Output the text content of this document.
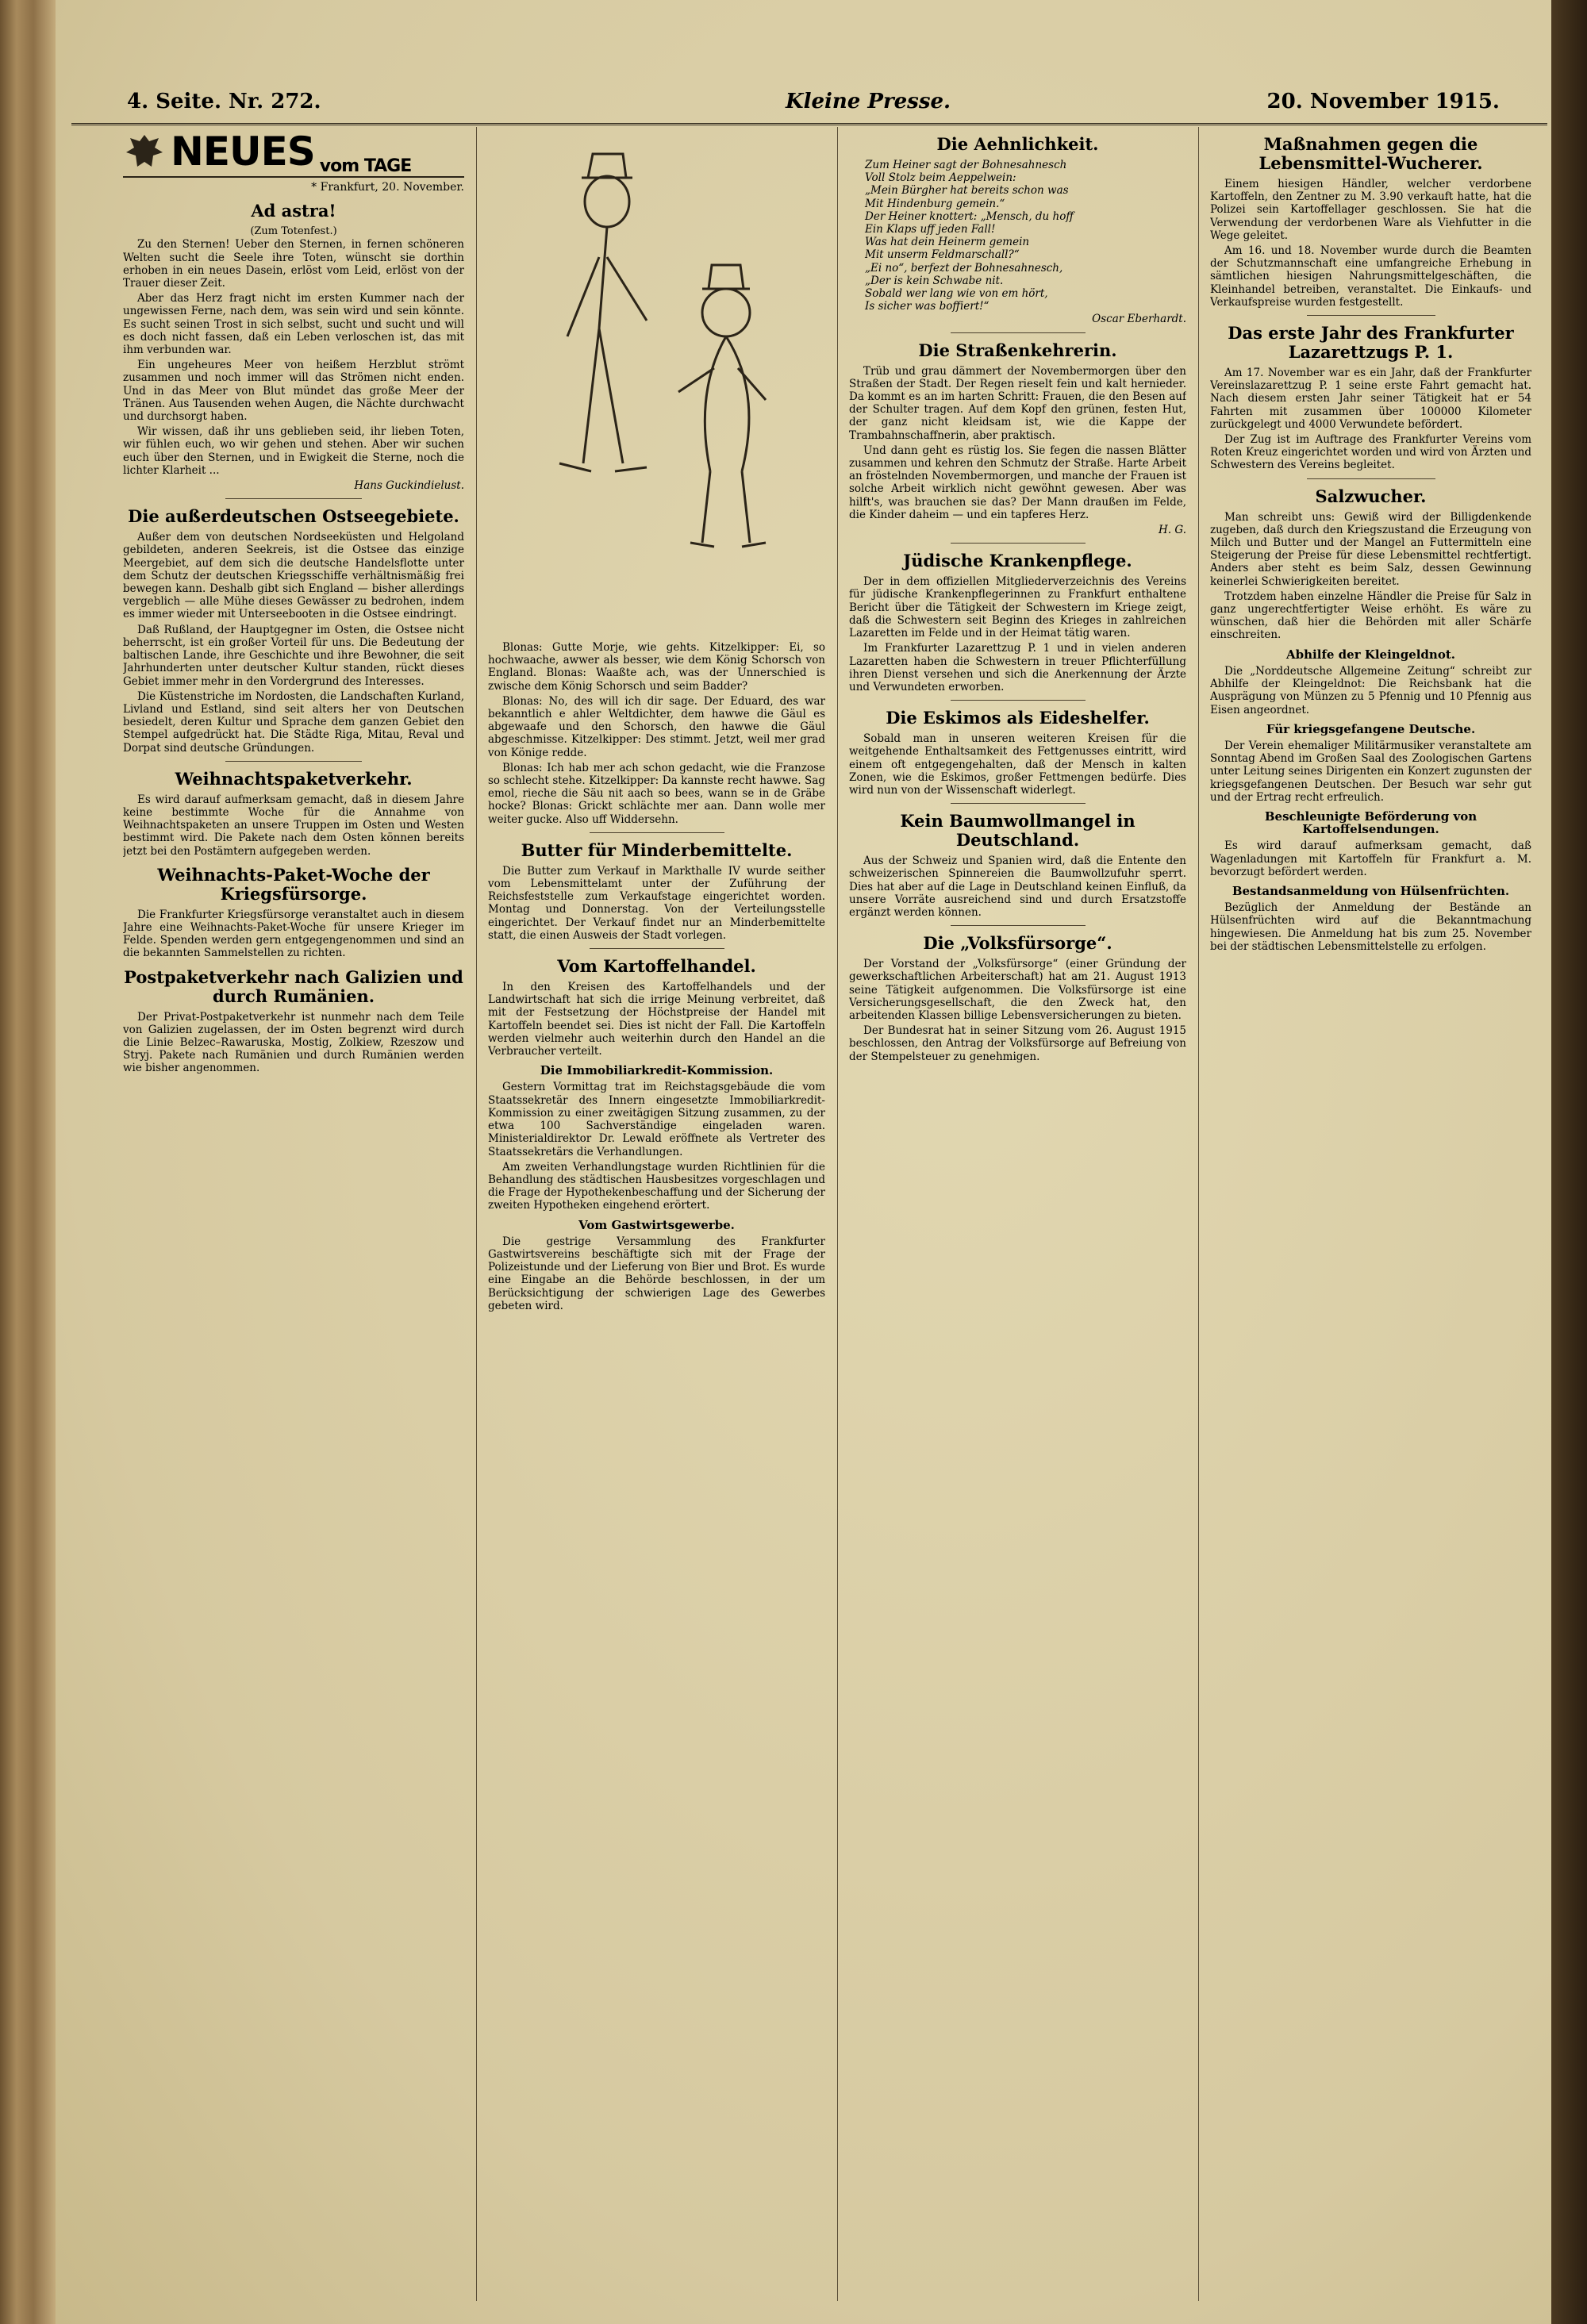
4. Seite. Nr. 272.	Kleine Presse.	20. November 1915.
NEUES vom TAGE
* Frankfurt, 20. November.
Ad astra!
(Zum Totenfest.)

Zu den Sternen! Ueber den Sternen, in fernen schöneren Welten sucht die Seele ihre Toten, wünscht sie dorthin erhoben in ein neues Dasein, erlöst vom Leid, erlöst von der Trauer dieser Zeit.

Aber das Herz fragt nicht im ersten Kummer nach der ungewissen Ferne, nach dem, was sein wird und sein könnte. Es sucht seinen Trost in sich selbst, sucht und sucht und will es doch nicht fassen, daß ein Leben verloschen ist, das mit ihm verbunden war.

Ein ungeheures Meer von heißem Herzblut strömt zusammen und noch immer will das Strömen nicht enden. Und in das Meer von Blut mündet das große Meer der Tränen. Aus Tausenden wehen Augen, die Nächte durchwacht und durchsorgt haben.

Wir wissen, daß ihr uns geblieben seid, ihr lieben Toten, wir fühlen euch, wo wir gehen und stehen. Aber wir suchen euch über den Sternen, und in Ewigkeit die Sterne, noch die lichter Klarheit ...

Hans Guckindielust.
Die außerdeutschen Ostseegebiete.

Außer dem von deutschen Nordseeküsten und Helgoland gebildeten, anderen Seekreis, ist die Ostsee das einzige Meergebiet, auf dem sich die deutsche Handelsflotte unter dem Schutz der deutschen Kriegsschiffe verhältnismäßig frei bewegen kann. Deshalb gibt sich England — bisher allerdings vergeblich — alle Mühe dieses Gewässer zu bedrohen, indem es immer wieder mit Unterseebooten in die Ostsee eindringt.

Daß Rußland, der Hauptgegner im Osten, die Ostsee nicht beherrscht, ist ein großer Vorteil für uns. Die Bedeutung der baltischen Lande, ihre Geschichte und ihre Bewohner, die seit Jahrhunderten unter deutscher Kultur standen, rückt dieses Gebiet immer mehr in den Vordergrund des Interesses.

Die Küstenstriche im Nordosten, die Landschaften Kurland, Livland und Estland, sind seit alters her von Deutschen besiedelt, deren Kultur und Sprache dem ganzen Gebiet den Stempel aufgedrückt hat. Die Städte Riga, Mitau, Reval und Dorpat sind deutsche Gründungen.

Weihnachtspaketverkehr.

Es wird darauf aufmerksam gemacht, daß in diesem Jahre keine bestimmte Woche für die Annahme von Weihnachtspaketen an unsere Truppen im Osten und Westen bestimmt wird. Die Pakete nach dem Osten können bereits jetzt bei den Postämtern aufgegeben werden.

Weihnachts-Paket-Woche der Kriegsfürsorge.

Die Frankfurter Kriegsfürsorge veranstaltet auch in diesem Jahre eine Weihnachts-Paket-Woche für unsere Krieger im Felde. Spenden werden gern entgegengenommen und sind an die bekannten Sammelstellen zu richten.

Postpaketverkehr nach Galizien und durch Rumänien.

Der Privat-Postpaketverkehr ist nunmehr nach dem Teile von Galizien zugelassen, der im Osten begrenzt wird durch die Linie Belzec–Rawaruska, Mostig, Zolkiew, Rzeszow und Stryj. Pakete nach Rumänien und durch Rumänien werden wie bisher angenommen.

Blonas: Gutte Morje, wie gehts. Kitzelkipper: Ei, so hochwaache, awwer als besser, wie dem König Schorsch von England. Blonas: Waaßte ach, was der Unnerschied is zwische dem König Schorsch und seim Badder?

Blonas: No, des will ich dir sage. Der Eduard, des war bekanntlich e ahler Weltdichter, dem hawwe die Gäul es abgewaafe und den Schorsch, den hawwe die Gäul abgeschmisse. Kitzelkipper: Des stimmt. Jetzt, weil mer grad von Könige redde.

Blonas: Ich hab mer ach schon gedacht, wie die Franzose so schlecht stehe. Kitzelkipper: Da kannste recht hawwe. Sag emol, rieche die Säu nit aach so bees, wann se in de Gräbe hocke? Blonas: Grickt schlächte mer aan. Dann wolle mer weiter gucke. Also uff Widdersehn.

Butter für Minderbemittelte.

Die Butter zum Verkauf in Markthalle IV wurde seither vom Lebensmittelamt unter der Zuführung der Reichsfeststelle zum Verkaufstage eingerichtet worden. Montag und Donnerstag. Von der Verteilungsstelle eingerichtet. Der Verkauf findet nur an Minderbemittelte statt, die einen Ausweis der Stadt vorlegen.

Vom Kartoffelhandel.

In den Kreisen des Kartoffelhandels und der Landwirtschaft hat sich die irrige Meinung verbreitet, daß mit der Festsetzung der Höchstpreise der Handel mit Kartoffeln beendet sei. Dies ist nicht der Fall. Die Kartoffeln werden vielmehr auch weiterhin durch den Handel an die Verbraucher verteilt.

Die Immobiliarkredit-Kommission.

Gestern Vormittag trat im Reichstagsgebäude die vom Staatssekretär des Innern eingesetzte Immobiliarkredit-Kommission zu einer zweitägigen Sitzung zusammen, zu der etwa 100 Sachverständige eingeladen waren. Ministerialdirektor Dr. Lewald eröffnete als Vertreter des Staatssekretärs die Verhandlungen.

Am zweiten Verhandlungstage wurden Richtlinien für die Behandlung des städtischen Hausbesitzes vorgeschlagen und die Frage der Hypothekenbeschaffung und der Sicherung der zweiten Hypotheken eingehend erörtert.

Vom Gastwirtsgewerbe.

Die gestrige Versammlung des Frankfurter Gastwirtsvereins beschäftigte sich mit der Frage der Polizeistunde und der Lieferung von Bier und Brot. Es wurde eine Eingabe an die Behörde beschlossen, in der um Berücksichtigung der schwierigen Lage des Gewerbes gebeten wird.

Die Aehnlichkeit.

Zum Heiner sagt der Bohnesahnesch

Voll Stolz beim Aeppelwein:

„Mein Bürgher hat bereits schon was

Mit Hindenburg gemein.“

Der Heiner knottert: „Mensch, du hoff

Ein Klaps uff jeden Fall!

Was hat dein Heinerm gemein

Mit unserm Feldmarschall?“

„Ei no“, berfezt der Bohnesahnesch,

„Der is kein Schwabe nit.

Sobald wer lang wie von em hört,

Is sicher was boffiert!“

Oscar Eberhardt.
Die Straßenkehrerin.

Trüb und grau dämmert der Novembermorgen über den Straßen der Stadt. Der Regen rieselt fein und kalt hernieder. Da kommt es an im harten Schritt: Frauen, die den Besen auf der Schulter tragen. Auf dem Kopf den grünen, festen Hut, der ganz nicht kleidsam ist, wie die Kappe der Trambahnschaffnerin, aber praktisch.

Und dann geht es rüstig los. Sie fegen die nassen Blätter zusammen und kehren den Schmutz der Straße. Harte Arbeit an fröstelnden Novembermorgen, und manche der Frauen ist solche Arbeit wirklich nicht gewöhnt gewesen. Aber was hilft's, was brauchen sie das? Der Mann draußen im Felde, die Kinder daheim — und ein tapferes Herz.

H. G.
Jüdische Krankenpflege.

Der in dem offiziellen Mitgliederverzeichnis des Vereins für jüdische Krankenpflegerinnen zu Frankfurt enthaltene Bericht über die Tätigkeit der Schwestern im Kriege zeigt, daß die Schwestern seit Beginn des Krieges in zahlreichen Lazaretten im Felde und in der Heimat tätig waren.

Im Frankfurter Lazarettzug P. 1 und in vielen anderen Lazaretten haben die Schwestern in treuer Pflichterfüllung ihren Dienst versehen und sich die Anerkennung der Ärzte und Verwundeten erworben.

Die Eskimos als Eideshelfer.

Sobald man in unseren weiteren Kreisen für die weitgehende Enthaltsamkeit des Fettgenusses eintritt, wird einem oft entgegengehalten, daß der Mensch in kalten Zonen, wie die Eskimos, großer Fettmengen bedürfe. Dies wird nun von der Wissenschaft widerlegt.

Kein Baumwollmangel in Deutschland.

Aus der Schweiz und Spanien wird, daß die Entente den schweizerischen Spinnereien die Baumwollzufuhr sperrt. Dies hat aber auf die Lage in Deutschland keinen Einfluß, da unsere Vorräte ausreichend sind und durch Ersatzstoffe ergänzt werden können.

Die „Volksfürsorge“.

Der Vorstand der „Volksfürsorge“ (einer Gründung der gewerkschaftlichen Arbeiterschaft) hat am 21. August 1913 seine Tätigkeit aufgenommen. Die Volksfürsorge ist eine Versicherungsgesellschaft, die den Zweck hat, den arbeitenden Klassen billige Lebensversicherungen zu bieten.

Der Bundesrat hat in seiner Sitzung vom 26. August 1915 beschlossen, den Antrag der Volksfürsorge auf Befreiung von der Stempelsteuer zu genehmigen.

Maßnahmen gegen die Lebensmittel-Wucherer.

Einem hiesigen Händler, welcher verdorbene Kartoffeln, den Zentner zu M. 3.90 verkauft hatte, hat die Polizei sein Kartoffellager geschlossen. Sie hat die Verwendung der verdorbenen Ware als Viehfutter in die Wege geleitet.

Am 16. und 18. November wurde durch die Beamten der Schutzmannschaft eine umfangreiche Erhebung in sämtlichen hiesigen Nahrungsmittelgeschäften, die Kleinhandel betreiben, veranstaltet. Die Einkaufs- und Verkaufspreise wurden festgestellt.

Das erste Jahr des Frankfurter Lazarettzugs P. 1.

Am 17. November war es ein Jahr, daß der Frankfurter Vereinslazarettzug P. 1 seine erste Fahrt gemacht hat. Nach diesem ersten Jahr seiner Tätigkeit hat er 54 Fahrten mit zusammen über 100000 Kilometer zurückgelegt und 4000 Verwundete befördert.

Der Zug ist im Auftrage des Frankfurter Vereins vom Roten Kreuz eingerichtet worden und wird von Ärzten und Schwestern des Vereins begleitet.

Salzwucher.

Man schreibt uns: Gewiß wird der Billigdenkende zugeben, daß durch den Kriegszustand die Erzeugung von Milch und Butter und der Mangel an Futtermitteln eine Steigerung der Preise für diese Lebensmittel rechtfertigt. Anders aber steht es beim Salz, dessen Gewinnung keinerlei Schwierigkeiten bereitet.

Trotzdem haben einzelne Händler die Preise für Salz in ganz ungerechtfertigter Weise erhöht. Es wäre zu wünschen, daß hier die Behörden mit aller Schärfe einschreiten.

Abhilfe der Kleingeldnot.

Die „Norddeutsche Allgemeine Zeitung“ schreibt zur Abhilfe der Kleingeldnot: Die Reichsbank hat die Ausprägung von Münzen zu 5 Pfennig und 10 Pfennig aus Eisen angeordnet.

Für kriegsgefangene Deutsche.

Der Verein ehemaliger Militärmusiker veranstaltete am Sonntag Abend im Großen Saal des Zoologischen Gartens unter Leitung seines Dirigenten ein Konzert zugunsten der kriegsgefangenen Deutschen. Der Besuch war sehr gut und der Ertrag recht erfreulich.

Beschleunigte Beförderung von Kartoffelsendungen.

Es wird darauf aufmerksam gemacht, daß Wagenladungen mit Kartoffeln für Frankfurt a. M. bevorzugt befördert werden.

Bestandsanmeldung von Hülsenfrüchten.

Bezüglich der Anmeldung der Bestände an Hülsenfrüchten wird auf die Bekanntmachung hingewiesen. Die Anmeldung hat bis zum 25. November bei der städtischen Lebensmittelstelle zu erfolgen.
